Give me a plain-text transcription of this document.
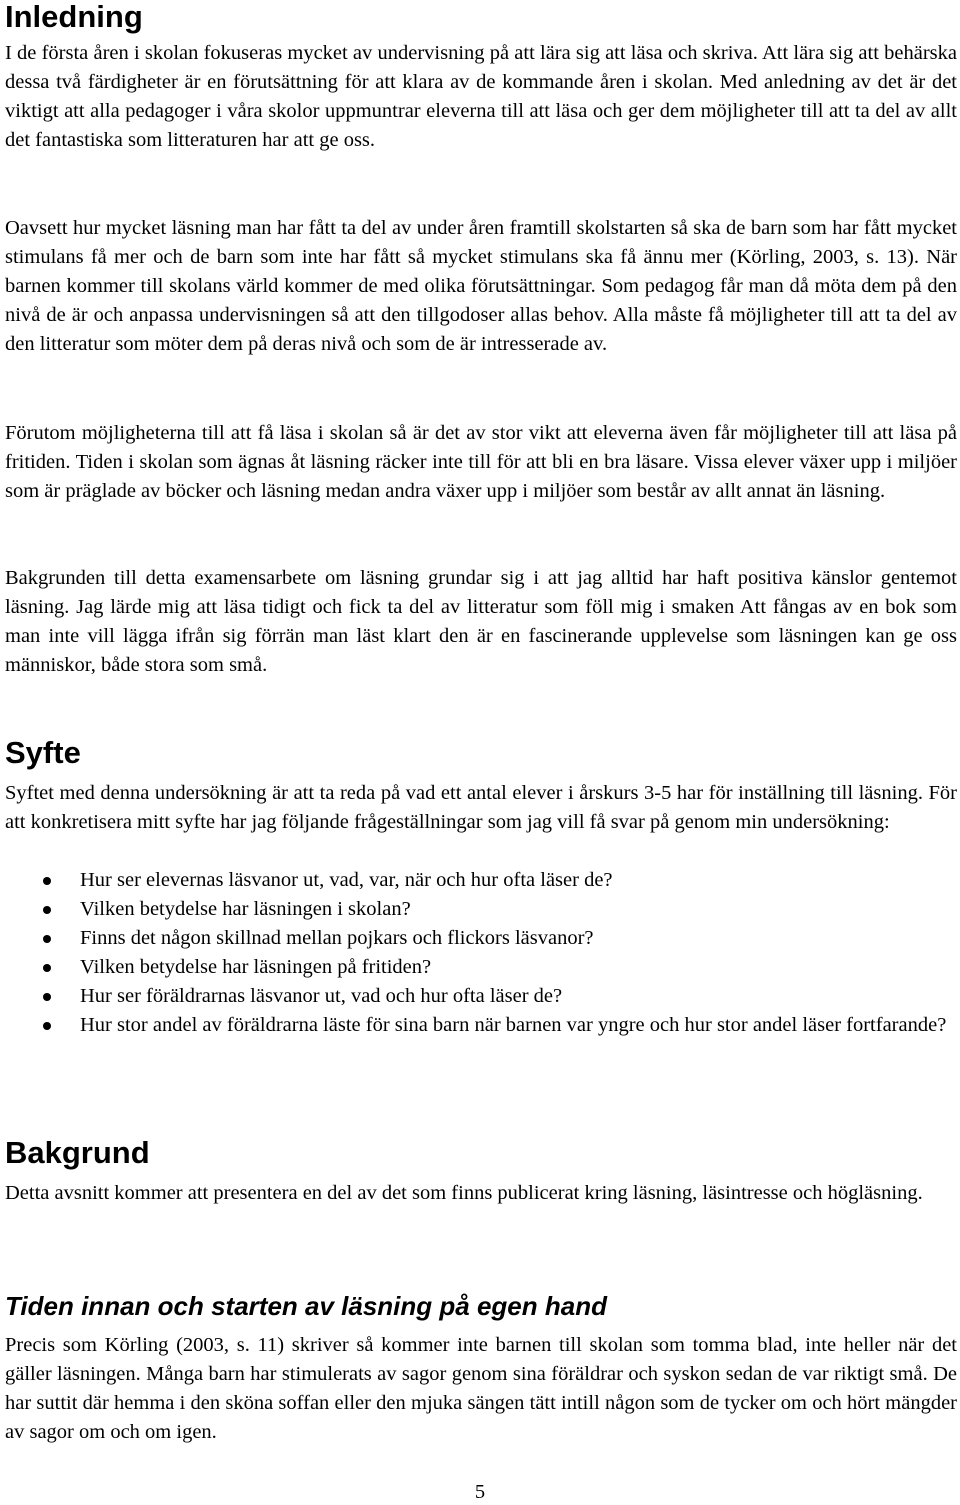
Inledning

I de första åren i skolan fokuseras mycket av undervisning på att lära sig att läsa och skriva. Att lära sig att behärska dessa två färdigheter är en förutsättning för att klara av de kommande åren i skolan. Med anledning av det är det viktigt att alla pedagoger i våra skolor uppmuntrar eleverna till att läsa och ger dem möjligheter till att ta del av allt det fantastiska som litteraturen har att ge oss.

Oavsett hur mycket läsning man har fått ta del av under åren framtill skolstarten så ska de barn som har fått mycket stimulans få mer och de barn som inte har fått så mycket stimulans ska få ännu mer (Körling, 2003, s. 13). När barnen kommer till skolans värld kommer de med olika förutsättningar. Som pedagog får man då möta dem på den nivå de är och anpassa undervisningen så att den tillgodoser allas behov. Alla måste få möjligheter till att ta del av den litteratur som möter dem på deras nivå och som de är intresserade av.

Förutom möjligheterna till att få läsa i skolan så är det av stor vikt att eleverna även får möjligheter till att läsa på fritiden. Tiden i skolan som ägnas åt läsning räcker inte till för att bli en bra läsare. Vissa elever växer upp i miljöer som är präglade av böcker och läsning medan andra växer upp i miljöer som består av allt annat än läsning.

Bakgrunden till detta examensarbete om läsning grundar sig i att jag alltid har haft positiva känslor gentemot läsning. Jag lärde mig att läsa tidigt och fick ta del av litteratur som föll mig i smaken Att fångas av en bok som man inte vill lägga ifrån sig förrän man läst klart den är en fascinerande upplevelse som läsningen kan ge oss människor, både stora som små.

Syfte

Syftet med denna undersökning är att ta reda på vad ett antal elever i årskurs 3-5 har för inställning till läsning. För att konkretisera mitt syfte har jag följande frågeställningar som jag vill få svar på genom min undersökning:

Hur ser elevernas läsvanor ut, vad, var, när och hur ofta läser de?
Vilken betydelse har läsningen i skolan?
Finns det någon skillnad mellan pojkars och flickors läsvanor?
Vilken betydelse har läsningen på fritiden?
Hur ser föräldrarnas läsvanor ut, vad och hur ofta läser de?
Hur stor andel av föräldrarna läste för sina barn när barnen var yngre och hur stor andel läser fortfarande?
Bakgrund

Detta avsnitt kommer att presentera en del av det som finns publicerat kring läsning, läsintresse och högläsning.

Tiden innan och starten av läsning på egen hand

Precis som Körling (2003, s. 11) skriver så kommer inte barnen till skolan som tomma blad, inte heller när det gäller läsningen. Många barn har stimulerats av sagor genom sina föräldrar och syskon sedan de var riktigt små. De har suttit där hemma i den sköna soffan eller den mjuka sängen tätt intill någon som de tycker om och hört mängder av sagor om och om igen.

5
